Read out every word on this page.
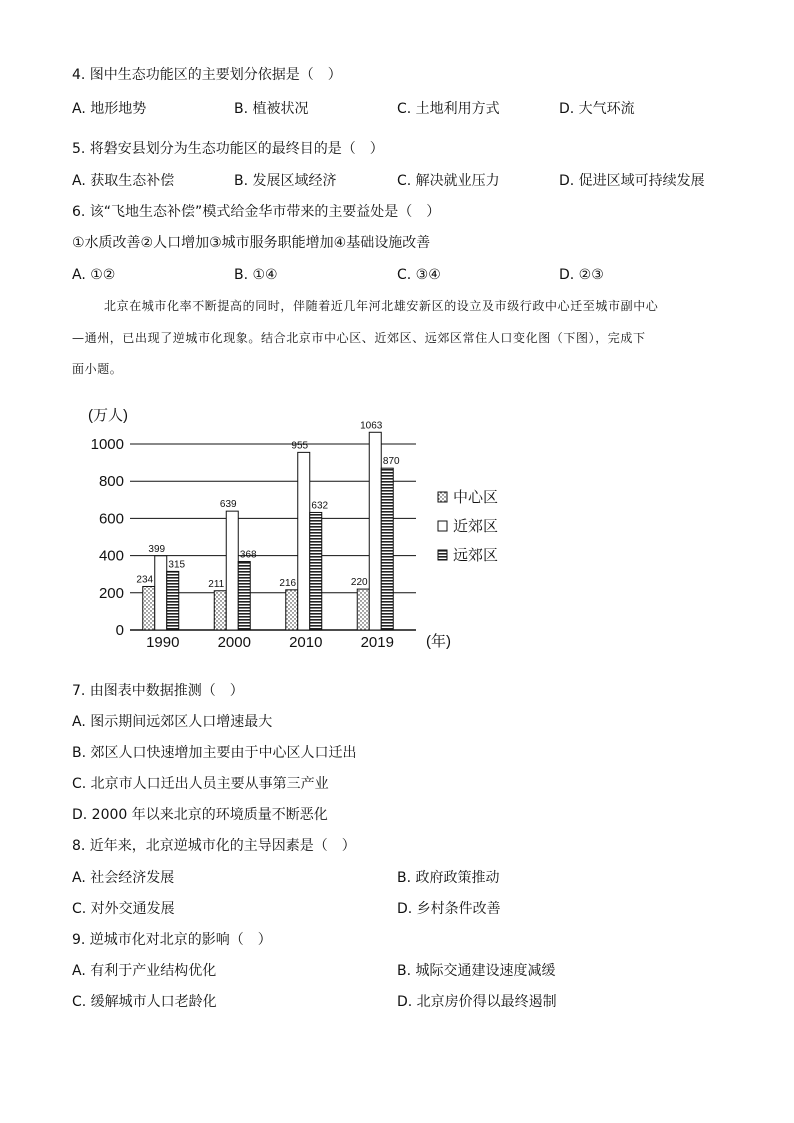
4. 图中生态功能区的主要划分依据是（　）
A. 地形地势	B. 植被状况	C. 土地利用方式	D. 大气环流
5. 将磐安县划分为生态功能区的最终目的是（　）
A. 获取生态补偿	B. 发展区域经济	C. 解决就业压力	D. 促进区域可持续发展
6. 该“飞地生态补偿”模式给金华市带来的主要益处是（　）
①水质改善②人口增加③城市服务职能增加④基础设施改善
A. ①②	B. ①④	C. ③④	D. ②③
北京在城市化率不断提高的同时，伴随着近几年河北雄安新区的设立及市级行政中心迁至城市副中心
—通州，已出现了逆城市化现象。结合北京市中心区、近郊区、远郊区常住人口变化图（下图），完成下
面小题。
0
200
400
600
800
1000
234
399
315
1990
211
639
368
2000
216
955
632
2010
220
1063
870
2019
中心区
近郊区
远郊区
(万人)
(年)
7. 由图表中数据推测（　）
A. 图示期间远郊区人口增速最大
B. 郊区人口快速增加主要由于中心区人口迁出
C. 北京市人口迁出人员主要从事第三产业
D. 2000 年以来北京的环境质量不断恶化
8. 近年来，北京逆城市化的主导因素是（　）
A. 社会经济发展	B. 政府政策推动
C. 对外交通发展	D. 乡村条件改善
9. 逆城市化对北京的影响（　）
A. 有利于产业结构优化	B. 城际交通建设速度减缓
C. 缓解城市人口老龄化	D. 北京房价得以最终遏制
